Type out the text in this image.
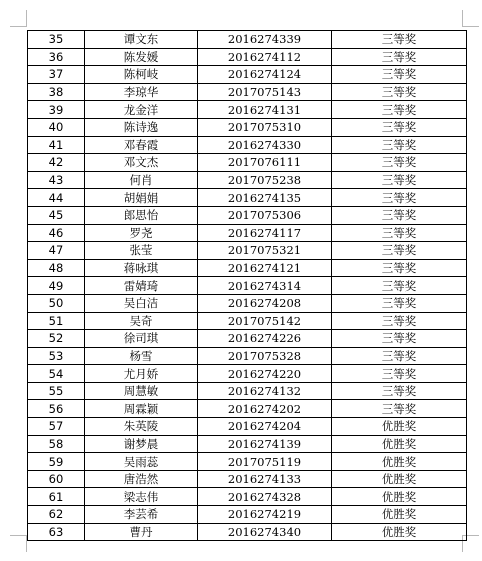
35	谭文东	2016274339	三等奖
36	陈发媛	2016274112	三等奖
37	陈柯岐	2016274124	三等奖
38	李琼华	2017075143	三等奖
39	龙金洋	2016274131	三等奖
40	陈诗逸	2017075310	三等奖
41	邓春霞	2016274330	三等奖
42	邓文杰	2017076111	三等奖
43	何肖	2017075238	三等奖
44	胡娟娟	2016274135	三等奖
45	郎思怡	2017075306	三等奖
46	罗尧	2016274117	三等奖
47	张莹	2017075321	三等奖
48	蒋咏琪	2016274121	三等奖
49	雷婧琦	2016274314	三等奖
50	吴白洁	2016274208	三等奖
51	吴奇	2017075142	三等奖
52	徐司琪	2016274226	三等奖
53	杨雪	2017075328	三等奖
54	尤月娇	2016274220	三等奖
55	周慧敏	2016274132	三等奖
56	周霖颖	2016274202	三等奖
57	朱英陵	2016274204	优胜奖
58	谢梦晨	2016274139	优胜奖
59	吴雨蕊	2017075119	优胜奖
60	唐浩然	2016274133	优胜奖
61	梁志伟	2016274328	优胜奖
62	李芸希	2016274219	优胜奖
63	曹丹	2016274340	优胜奖
